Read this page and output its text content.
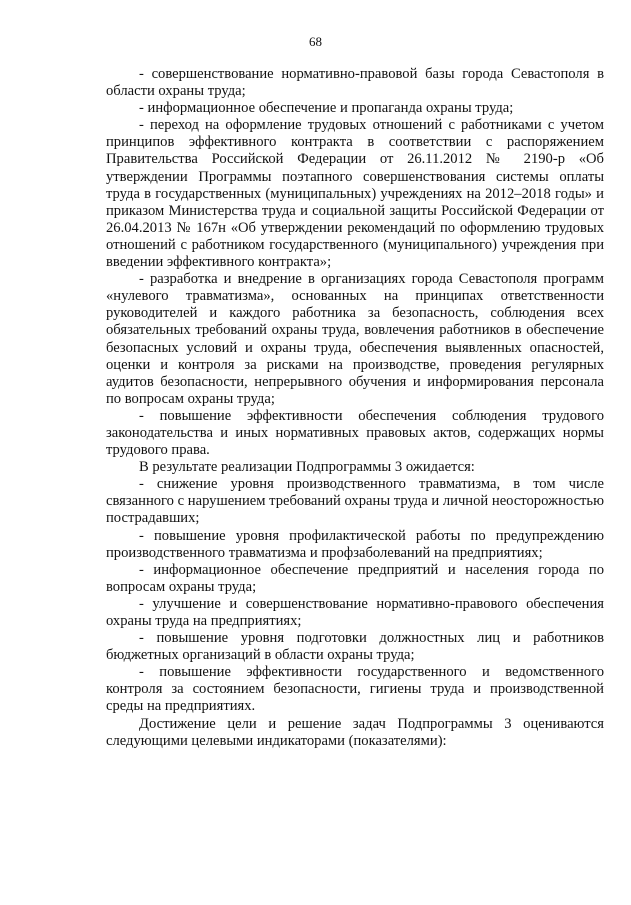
68

- совершенствование нормативно-правовой базы города Севастополя в области охраны труда;

- информационное обеспечение и пропаганда охраны труда;

- переход на оформление трудовых отношений с работниками с учетом принципов эффективного контракта в соответствии с распоряжением Правительства Российской Федерации от 26.11.2012 № 2190-р «Об утверждении Программы поэтапного совершенствования системы оплаты труда в государственных (муниципальных) учреждениях на 2012–2018 годы» и приказом Министерства труда и социальной защиты Российской Федерации от 26.04.2013 № 167н «Об утверждении рекомендаций по оформлению трудовых отношений с работником государственного (муниципального) учреждения при введении эффективного контракта»;

- разработка и внедрение в организациях города Севастополя программ «нулевого травматизма», основанных на принципах ответственности руководителей и каждого работника за безопасность, соблюдения всех обязательных требований охраны труда, вовлечения работников в обеспечение безопасных условий и охраны труда, обеспечения выявленных опасностей, оценки и контроля за рисками на производстве, проведения регулярных аудитов безопасности, непрерывного обучения и информирования персонала по вопросам охраны труда;

- повышение эффективности обеспечения соблюдения трудового законодательства и иных нормативных правовых актов, содержащих нормы трудового права.

В результате реализации Подпрограммы 3 ожидается:

- снижение уровня производственного травматизма, в том числе связанного с нарушением требований охраны труда и личной неосторожностью пострадавших;

- повышение уровня профилактической работы по предупреждению производственного травматизма и профзаболеваний на предприятиях;

- информационное обеспечение предприятий и населения города по вопросам охраны труда;

- улучшение и совершенствование нормативно-правового обеспечения охраны труда на предприятиях;

- повышение уровня подготовки должностных лиц и работников бюджетных организаций в области охраны труда;

- повышение эффективности государственного и ведомственного контроля за состоянием безопасности, гигиены труда и производственной среды на предприятиях.

Достижение цели и решение задач Подпрограммы 3 оцениваются следующими целевыми индикаторами (показателями):
